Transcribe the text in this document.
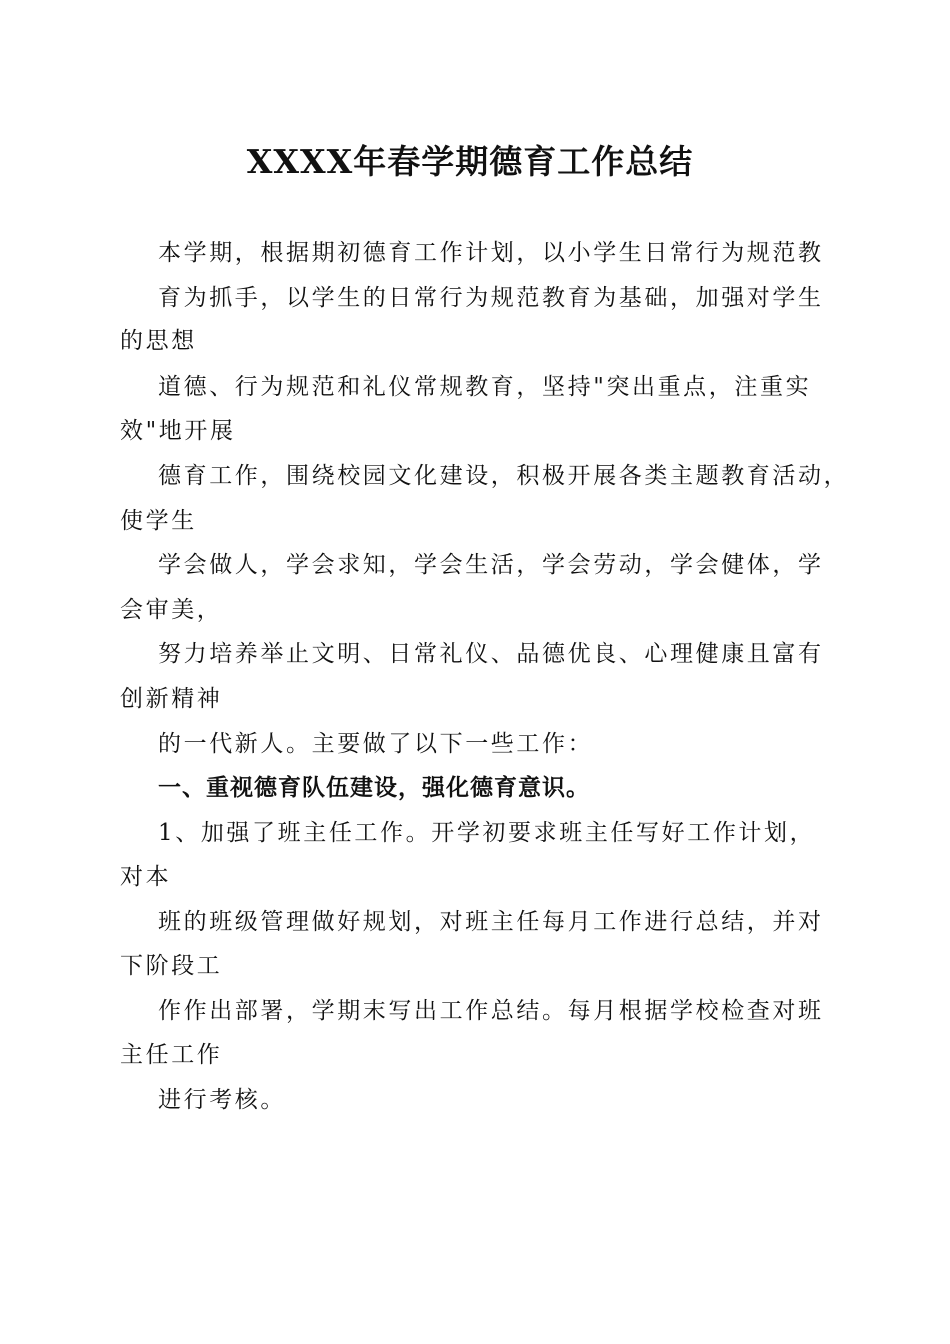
XXXX年春学期德育工作总结
本学期，根据期初德育工作计划，以小学生日常行为规范教
育为抓手，以学生的日常行为规范教育为基础，加强对学生
的思想
道德、行为规范和礼仪常规教育，坚持"突出重点，注重实
效"地开展
德育工作，围绕校园文化建设，积极开展各类主题教育活动，
使学生
学会做人，学会求知，学会生活，学会劳动，学会健体，学
会审美，
努力培养举止文明、日常礼仪、品德优良、心理健康且富有
创新精神
的一代新人。主要做了以下一些工作：
一、重视德育队伍建设，强化德育意识。
1、加强了班主任工作。开学初要求班主任写好工作计划，
对本
班的班级管理做好规划，对班主任每月工作进行总结，并对
下阶段工
作作出部署，学期末写出工作总结。每月根据学校检查对班
主任工作
进行考核。
